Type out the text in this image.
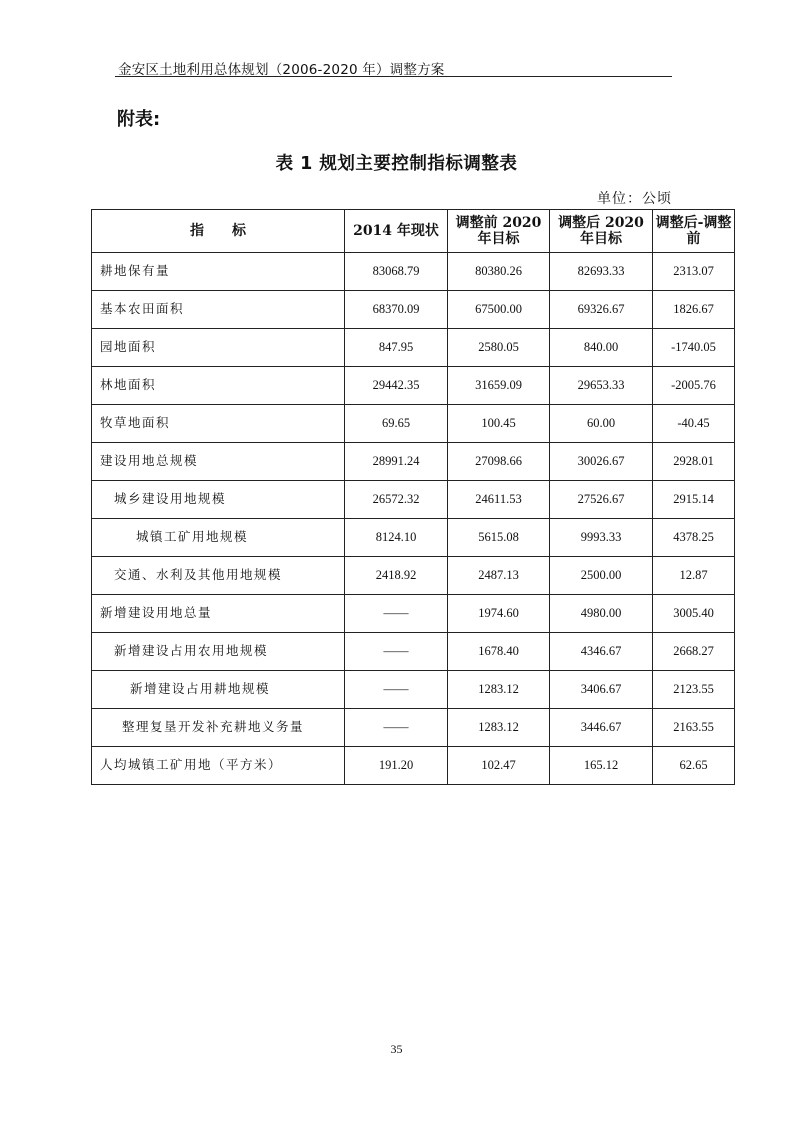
金安区土地利用总体规划（2006-2020 年）调整方案
附表:
表 1 规划主要控制指标调整表
单位：公顷
指　　标	2014 年现状	调整前 2020 年目标	调整后 2020 年目标	调整后-调整前
耕地保有量	83068.79	80380.26	82693.33	2313.07
基本农田面积	68370.09	67500.00	69326.67	1826.67
园地面积	847.95	2580.05	840.00	-1740.05
林地面积	29442.35	31659.09	29653.33	-2005.76
牧草地面积	69.65	100.45	60.00	-40.45
建设用地总规模	28991.24	27098.66	30026.67	2928.01
城乡建设用地规模	26572.32	24611.53	27526.67	2915.14
城镇工矿用地规模	8124.10	5615.08	9993.33	4378.25
交通、水利及其他用地规模	2418.92	2487.13	2500.00	12.87
新增建设用地总量	——	1974.60	4980.00	3005.40
新增建设占用农用地规模	——	1678.40	4346.67	2668.27
新增建设占用耕地规模	——	1283.12	3406.67	2123.55
整理复垦开发补充耕地义务量	——	1283.12	3446.67	2163.55
人均城镇工矿用地（平方米）	191.20	102.47	165.12	62.65
35
